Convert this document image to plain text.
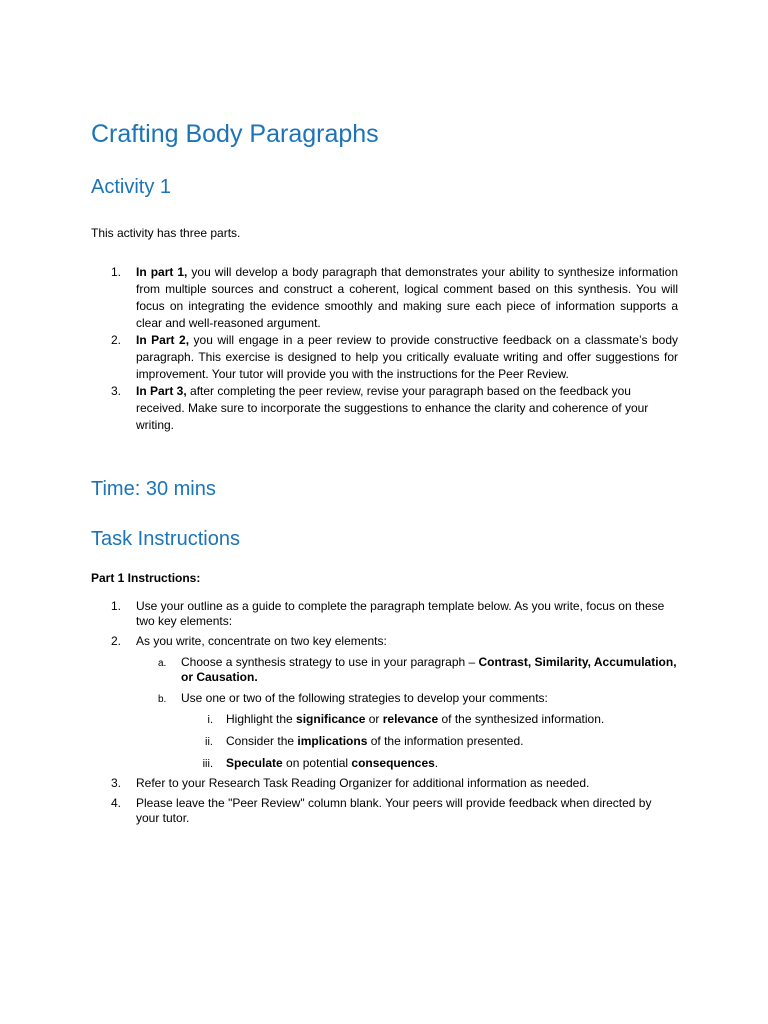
Crafting Body Paragraphs
Activity 1

This activity has three parts.

1. In part 1, you will develop a body paragraph that demonstrates your ability to synthesize information from multiple sources and construct a coherent, logical comment based on this synthesis. You will focus on integrating the evidence smoothly and making sure each piece of information supports a clear and well-reasoned argument.
2. In Part 2, you will engage in a peer review to provide constructive feedback on a classmate’s body paragraph. This exercise is designed to help you critically evaluate writing and offer suggestions for improvement. Your tutor will provide you with the instructions for the Peer Review.
3. In Part 3, after completing the peer review, revise your paragraph based on the feedback you received. Make sure to incorporate the suggestions to enhance the clarity and coherence of your writing.
Time: 30 mins
Task Instructions

Part 1 Instructions:

1. Use your outline as a guide to complete the paragraph template below. As you write, focus on these two key elements:
2. As you write, concentrate on two key elements:
a. Choose a synthesis strategy to use in your paragraph – Contrast, Similarity, Accumulation, or Causation.
b. Use one or two of the following strategies to develop your comments:
i. Highlight the significance or relevance of the synthesized information.
ii. Consider the implications of the information presented.
iii. Speculate on potential consequences.
3. Refer to your Research Task Reading Organizer for additional information as needed.
4. Please leave the "Peer Review" column blank. Your peers will provide feedback when directed by your tutor.
